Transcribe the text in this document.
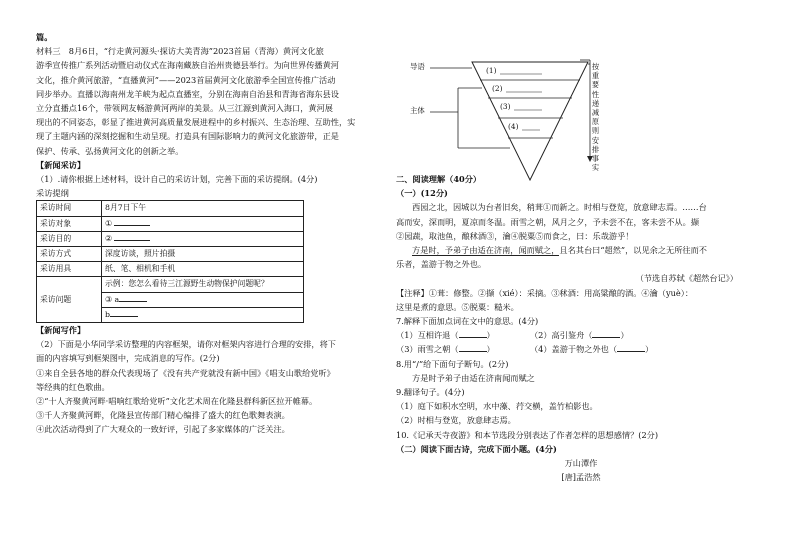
篇。

材料三　8月6日，“行走黄河源头·探访大美青海”2023首届（青海）黄河文化旅

游季宣传推广系列活动暨启动仪式在海南藏族自治州贵德县举行。为向世界传播黄河

文化，推介黄河旅游，“直播黄河”——2023首届黄河文化旅游季全国宣传推广活动

同步举办。直播以海南州龙羊峡为起点直播室，分别在海南自治县和青海省海东县设

立分直播点16个，带领网友畅游黄河两岸的美景。从三江源到黄河入海口，黄河展

现出的不同姿态，彰显了推进黄河高质量发展进程中的乡村振兴、生态治理、互助性，实

现了主题内涵的深刻挖掘和生动呈现。打造具有国际影响力的黄河文化旅游带，正是

保护、传承、弘扬黄河文化的创新之举。

【新闻采访】

（1）.请你根据上述材料，设计自己的采访计划，完善下面的采访提纲。(4分)

采访提纲

采访时间	8月7日下午
采访对象	①
采访目的	②
采访方式	深度访谈，照片拍摄
采访用具	纸、笔、相机和手机
采访问题	示例：您怎么看待三江源野生动物保护问题呢？
	③ a
	b

【新闻写作】

（2）下面是小华同学采访整理的内容框架，请你对框架内容进行合理的安排，将下

面的内容填写到框架图中，完成消息的写作。(2分)

①来自全县各地的群众代表现场了《没有共产党就没有新中国》《唱支山歌给党听》

等经典的红色歌曲。

②“十人齐聚黄河畔·唱响红歌给党听”文化艺术周在化隆县群科新区拉开帷幕。

③千人齐聚黄河畔，化隆县宣传部门精心编排了盛大的红色歌舞表演。

④此次活动得到了广大观众的一致好评，引起了多家媒体的广泛关注。

导语
主体
(1)
(2)
(3)
(4)
按重要性递减原则安排事实

二、阅读理解（40分）

（一）(12分)

西园之北，因城以为台者旧矣，稍葺①而新之。时相与登览，放意肆志焉。……台

高而安，深而明，夏凉而冬温。雨雪之朝，风月之夕，予未尝不在，客未尝不从。撷

②园蔬，取池鱼，酿秫酒③，瀹④脱粟⑤而食之，曰：乐哉游乎！

方是时，予弟子由适在济南，闻而赋之，且名其台曰“超然”，以见余之无所往而不

乐者，盖游于物之外也。

（节选自苏轼《超然台记》）

【注释】①葺：修整。②撷（xié）：采摘。③秫酒：用高粱酿的酒。④瀹（yuè）：

这里是煮的意思。⑤脱粟：糙米。

7.解释下面加点词在文中的意思。(4分)

（1）互相许退（	）	（2）高引鉴舟（	）

（3）雨雪之朝（	）	（4）盖游于物之外也（	）

8.用“/”给下面句子断句。(2分)

方是时予弟子由适在济南闻而赋之

9.翻译句子。(4分)

（1）庭下如积水空明，水中藻、荇交横，盖竹柏影也。

（2）时相与登览，放意肆志焉。

10.《记承天寺夜游》和本节选段分别表达了作者怎样的思想感情？(2分)

（二）阅读下面古诗，完成下面小题。(4分)

万山潭作

[唐]孟浩然
